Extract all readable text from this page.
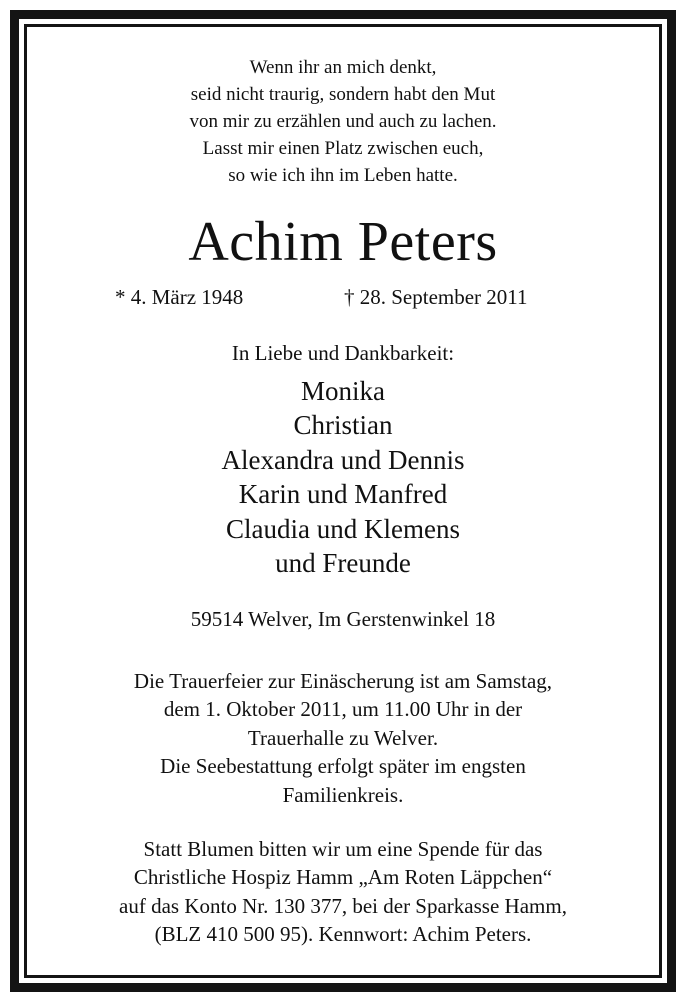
Wenn ihr an mich denkt,
seid nicht traurig, sondern habt den Mut
von mir zu erzählen und auch zu lachen.
Lasst mir einen Platz zwischen euch,
so wie ich ihn im Leben hatte.
Achim Peters
* 4. März 1948	† 28. September 2011
In Liebe und Dankbarkeit:
Monika
Christian
Alexandra und Dennis
Karin und Manfred
Claudia und Klemens
und Freunde
59514 Welver, Im Gerstenwinkel 18
Die Trauerfeier zur Einäscherung ist am Samstag,
dem 1. Oktober 2011, um 11.00 Uhr in der
Trauerhalle zu Welver.
Die Seebestattung erfolgt später im engsten
Familienkreis.
Statt Blumen bitten wir um eine Spende für das
Christliche Hospiz Hamm „Am Roten Läppchen“
auf das Konto Nr. 130 377, bei der Sparkasse Hamm,
(BLZ 410 500 95). Kennwort: Achim Peters.
